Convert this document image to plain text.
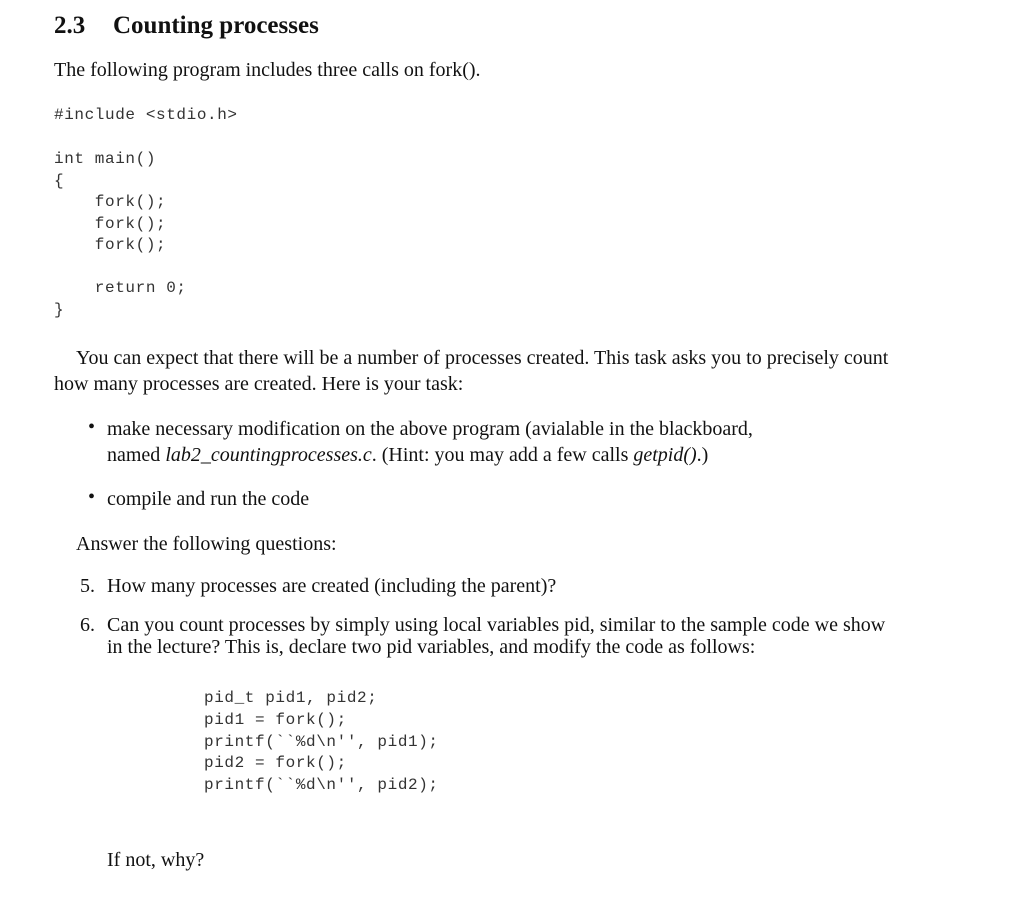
2.3 Counting processes
The following program includes three calls on fork().
#include <stdio.h>
int main()
{
fork();
fork();
fork();
return 0;
}
You can expect that there will be a number of processes created. This task asks you to precisely count
how many processes are created. Here is your task:
• make necessary modification on the above program (avialable in the blackboard,
named lab2_countingprocesses.c. (Hint: you may add a few calls getpid().)
• compile and run the code
Answer the following questions:
5. How many processes are created (including the parent)?
6. Can you count processes by simply using local variables pid, similar to the sample code we show
in the lecture? This is, declare two pid variables, and modify the code as follows:
pid_t pid1, pid2;
pid1 = fork();
printf(``%d\n'', pid1);
pid2 = fork();
printf(``%d\n'', pid2);
If not, why?
